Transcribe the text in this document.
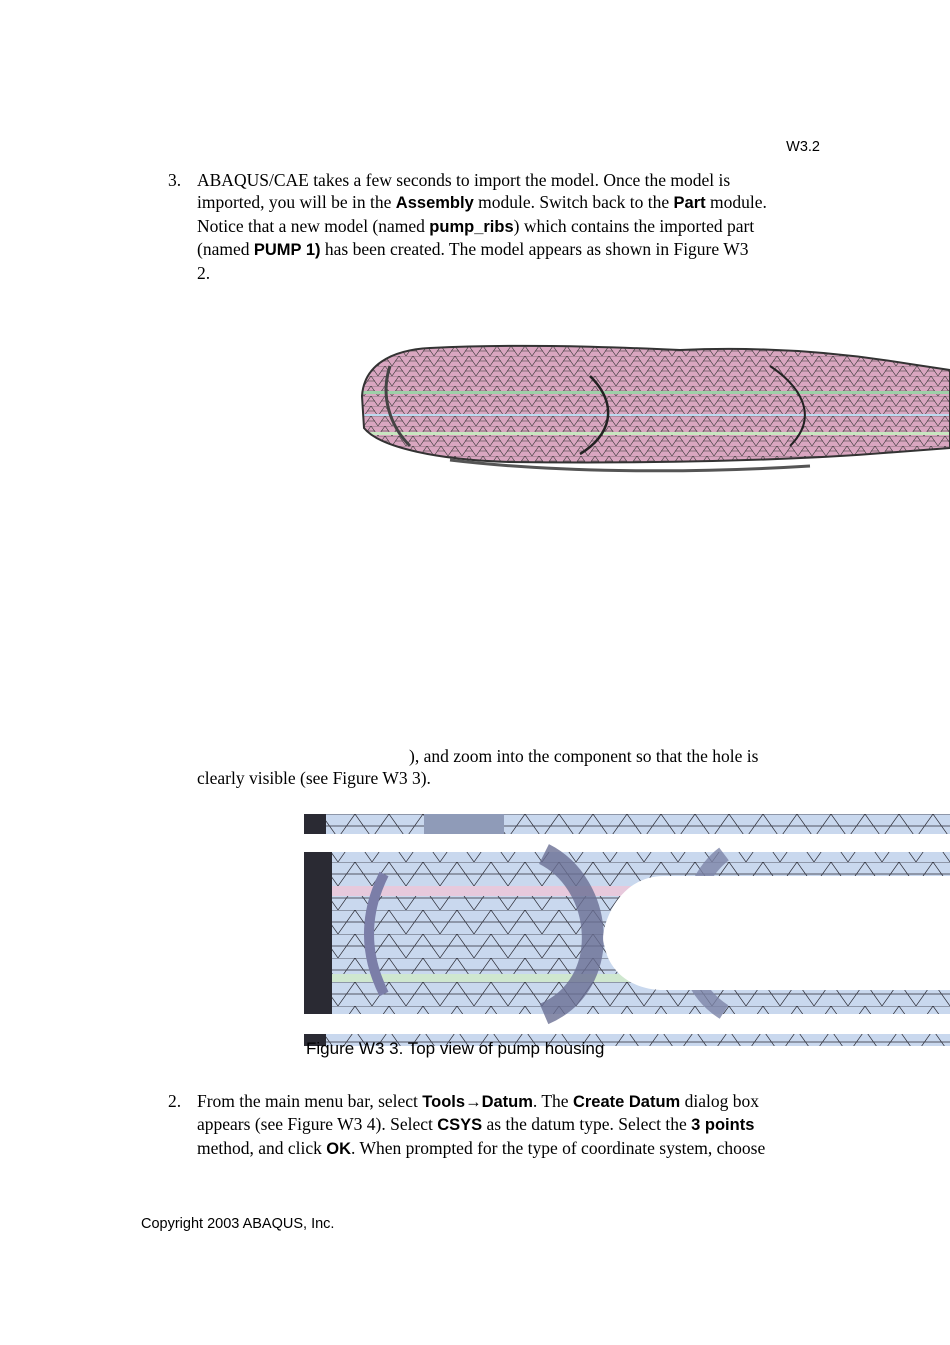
W3.2
3. ABAQUS/CAE takes a few seconds to import the model. Once the model is
imported, you will be in the Assembly module. Switch back to the Part module.
Notice that a new model (named pump_ribs) which contains the imported part
(named PUMP 1) has been created. The model appears as shown in Figure W3
2.
), and zoom into the component so that the hole is
clearly visible (see Figure W3 3).
Figure W3 3. Top view of pump housing
2. From the main menu bar, select Tools→Datum. The Create Datum dialog box
appears (see Figure W3 4). Select CSYS as the datum type. Select the 3 points
method, and click OK. When prompted for the type of coordinate system, choose
Copyright 2003 ABAQUS, Inc.
